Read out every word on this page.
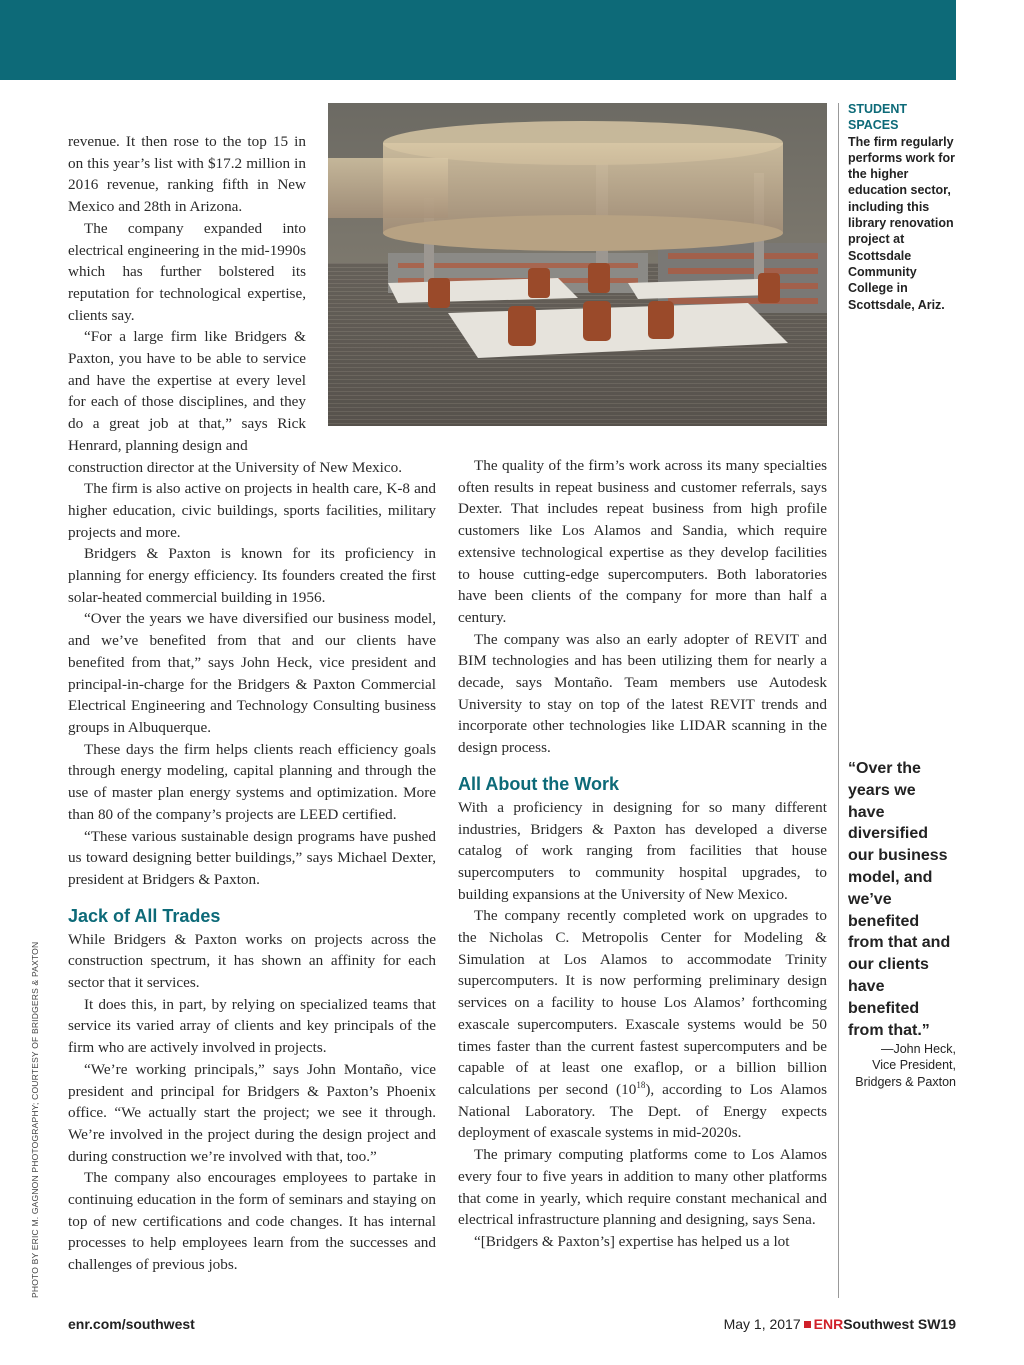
STUDENT SPACES
The firm regularly performs work for the higher education sector, including this library renovation project at Scottsdale Community College in Scottsdale, Ariz.
PHOTO BY ERIC M. GAGNON PHOTOGRAPHY; COURTESY OF BRIDGERS & PAXTON

revenue. It then rose to the top 15 in on this year’s list with $17.2 million in 2016 revenue, ranking fifth in New Mexico and 28th in Arizona.

The company expanded into electrical engineering in the mid-1990s which has further bolstered its reputation for technological expertise, clients say.

“For a large firm like Bridgers & Paxton, you have to be able to service and have the expertise at every level for each of those disciplines, and they do a great job at that,” says Rick Henrard, planning design and

construction director at the University of New Mexico.

The firm is also active on projects in health care, K-8 and higher education, civic buildings, sports facilities, military projects and more.

Bridgers & Paxton is known for its proficiency in planning for energy efficiency. Its founders created the first solar-heated commercial building in 1956.

“Over the years we have diversified our business model, and we’ve benefited from that and our clients have benefited from that,” says John Heck, vice president and principal-in-charge for the Bridgers & Paxton Commercial Electrical Engineering and Technology Consulting business groups in Albuquerque.

These days the firm helps clients reach efficiency goals through energy modeling, capital planning and through the use of master plan energy systems and optimization. More than 80 of the company’s projects are LEED certified.

“These various sustainable design programs have pushed us toward designing better buildings,” says Michael Dexter, president at Bridgers & Paxton.

Jack of All Trades

While Bridgers & Paxton works on projects across the construction spectrum, it has shown an affinity for each sector that it services.

It does this, in part, by relying on specialized teams that service its varied array of clients and key principals of the firm who are actively involved in projects.

“We’re working principals,” says John Montaño, vice president and principal for Bridgers & Paxton’s Phoenix office. “We actually start the project; we see it through. We’re involved in the project during the design project and during construction we’re involved with that, too.”

The company also encourages employees to partake in continuing education in the form of seminars and staying on top of new certifications and code changes. It has internal processes to help employees learn from the successes and challenges of previous jobs.

The quality of the firm’s work across its many specialties often results in repeat business and customer referrals, says Dexter. That includes repeat business from high profile customers like Los Alamos and Sandia, which require extensive technological expertise as they develop facilities to house cutting-edge supercomputers. Both laboratories have been clients of the company for more than half a century.

The company was also an early adopter of REVIT and BIM technologies and has been utilizing them for nearly a decade, says Montaño. Team members use Autodesk University to stay on top of the latest REVIT trends and incorporate other technologies like LIDAR scanning in the design process.

All About the Work

With a proficiency in designing for so many different industries, Bridgers & Paxton has developed a diverse catalog of work ranging from facilities that house supercomputers to community hospital upgrades, to building expansions at the University of New Mexico.

The company recently completed work on upgrades to the Nicholas C. Metropolis Center for Modeling & Simulation at Los Alamos to accommodate Trinity supercomputers. It is now performing preliminary design services on a facility to house Los Alamos’ forthcoming exascale supercomputers. Exascale systems would be 50 times faster than the current fastest supercomputers and be capable of at least one exaflop, or a billion billion calculations per second $(10^{18})$, according to Los Alamos National Laboratory. The Dept. of Energy expects deployment of exascale systems in mid-2020s.

The primary computing platforms come to Los Alamos every four to five years in addition to many other platforms that come in yearly, which require constant mechanical and electrical infrastructure planning and designing, says Sena.

“[Bridgers & Paxton’s] expertise has helped us a lot

“Over the years we have diversified our business model, and we’ve benefited from that and our clients have benefited from that.”
—John Heck,
Vice President,
Bridgers & Paxton
enr.com/southwest	May 1, 2017 ENRSouthwest SW19
